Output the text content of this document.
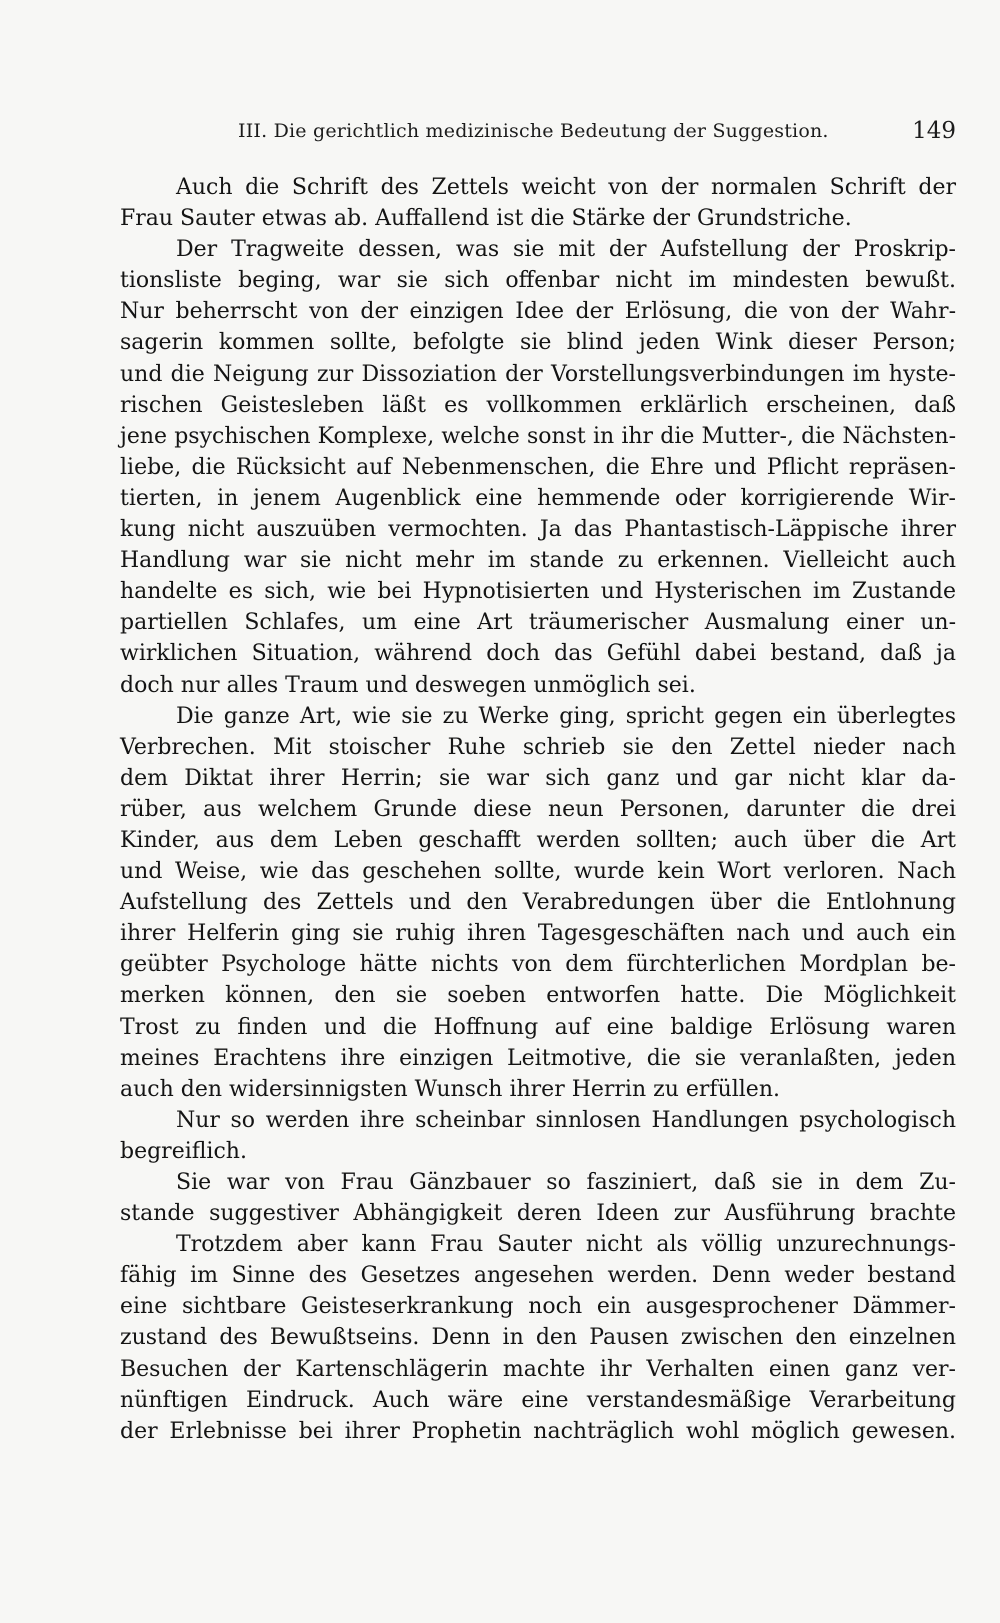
III. Die gerichtlich medizinische Bedeutung der Suggestion.	149
Auch die Schrift des Zettels weicht von der normalen Schrift der
Frau Sauter etwas ab. Auffallend ist die Stärke der Grundstriche.
Der Tragweite dessen, was sie mit der Aufstellung der Proskrip-
tionsliste beging, war sie sich offenbar nicht im mindesten bewußt.
Nur beherrscht von der einzigen Idee der Erlösung, die von der Wahr-
sagerin kommen sollte, befolgte sie blind jeden Wink dieser Person;
und die Neigung zur Dissoziation der Vorstellungsverbindungen im hyste-
rischen Geistesleben läßt es vollkommen erklärlich erscheinen, daß
jene psychischen Komplexe, welche sonst in ihr die Mutter-, die Nächsten-
liebe, die Rücksicht auf Nebenmenschen, die Ehre und Pflicht repräsen-
tierten, in jenem Augenblick eine hemmende oder korrigierende Wir-
kung nicht auszuüben vermochten. Ja das Phantastisch-Läppische ihrer
Handlung war sie nicht mehr im stande zu erkennen. Vielleicht auch
handelte es sich, wie bei Hypnotisierten und Hysterischen im Zustande
partiellen Schlafes, um eine Art träumerischer Ausmalung einer un-
wirklichen Situation, während doch das Gefühl dabei bestand, daß ja
doch nur alles Traum und deswegen unmöglich sei.
Die ganze Art, wie sie zu Werke ging, spricht gegen ein überlegtes
Verbrechen. Mit stoischer Ruhe schrieb sie den Zettel nieder nach
dem Diktat ihrer Herrin; sie war sich ganz und gar nicht klar da-
rüber, aus welchem Grunde diese neun Personen, darunter die drei
Kinder, aus dem Leben geschafft werden sollten; auch über die Art
und Weise, wie das geschehen sollte, wurde kein Wort verloren. Nach
Aufstellung des Zettels und den Verabredungen über die Entlohnung
ihrer Helferin ging sie ruhig ihren Tagesgeschäften nach und auch ein
geübter Psychologe hätte nichts von dem fürchterlichen Mordplan be-
merken können, den sie soeben entworfen hatte. Die Möglichkeit
Trost zu finden und die Hoffnung auf eine baldige Erlösung waren
meines Erachtens ihre einzigen Leitmotive, die sie veranlaßten, jeden
auch den widersinnigsten Wunsch ihrer Herrin zu erfüllen.
Nur so werden ihre scheinbar sinnlosen Handlungen psychologisch
begreiflich.
Sie war von Frau Gänzbauer so fasziniert, daß sie in dem Zu-
stande suggestiver Abhängigkeit deren Ideen zur Ausführung brachte
Trotzdem aber kann Frau Sauter nicht als völlig unzurechnungs-
fähig im Sinne des Gesetzes angesehen werden. Denn weder bestand
eine sichtbare Geisteserkrankung noch ein ausgesprochener Dämmer-
zustand des Bewußtseins. Denn in den Pausen zwischen den einzelnen
Besuchen der Kartenschlägerin machte ihr Verhalten einen ganz ver-
nünftigen Eindruck. Auch wäre eine verstandesmäßige Verarbeitung
der Erlebnisse bei ihrer Prophetin nachträglich wohl möglich gewesen.
